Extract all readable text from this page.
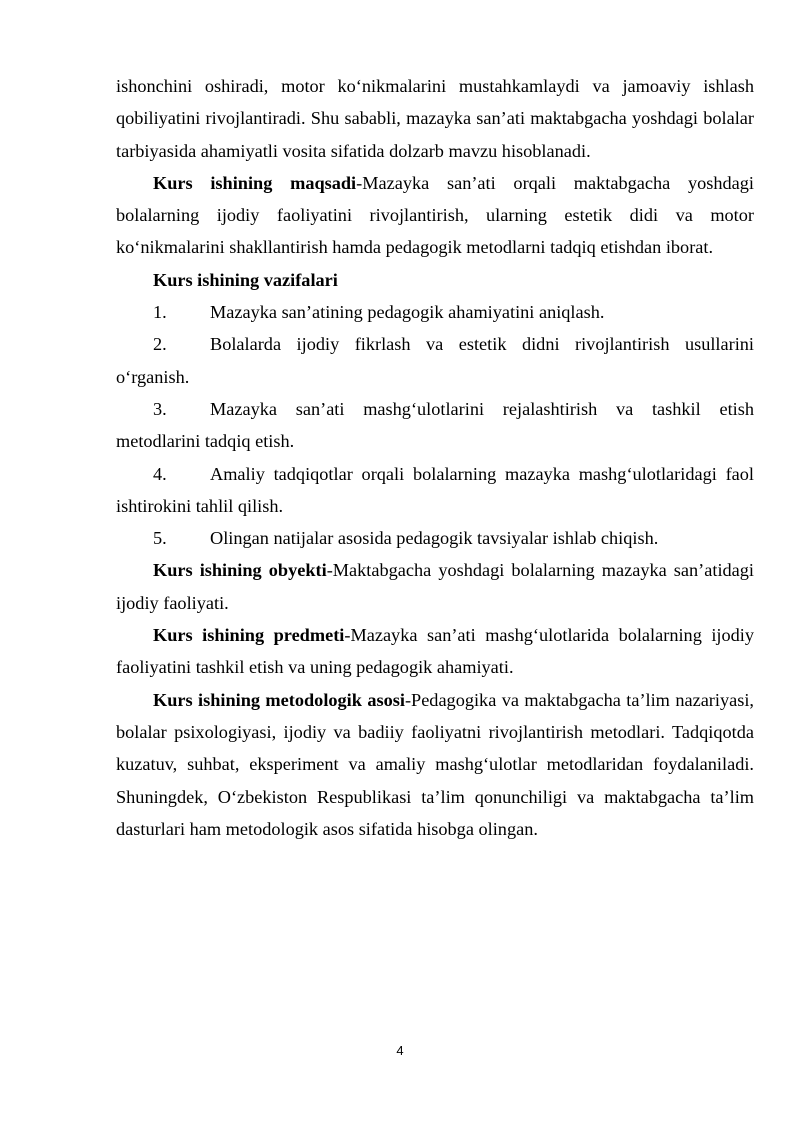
ishonchini oshiradi, motor ko‘nikmalarini mustahkamlaydi va jamoaviy ishlash qobiliyatini rivojlantiradi. Shu sababli, mazayka san’ati maktabgacha yoshdagi bolalar tarbiyasida ahamiyatli vosita sifatida dolzarb mavzu hisoblanadi.

Kurs ishining maqsadi-Mazayka san’ati orqali maktabgacha yoshdagi bolalarning ijodiy faoliyatini rivojlantirish, ularning estetik didi va motor ko‘nikmalarini shakllantirish hamda pedagogik metodlarni tadqiq etishdan iborat.

Kurs ishining vazifalari

1. Mazayka san’atining pedagogik ahamiyatini aniqlash.

2. Bolalarda ijodiy fikrlash va estetik didni rivojlantirish usullarini o‘rganish.

3. Mazayka san’ati mashg‘ulotlarini rejalashtirish va tashkil etish metodlarini tadqiq etish.

4. Amaliy tadqiqotlar orqali bolalarning mazayka mashg‘ulotlaridagi faol ishtirokini tahlil qilish.

5. Olingan natijalar asosida pedagogik tavsiyalar ishlab chiqish.

Kurs ishining obyekti-Maktabgacha yoshdagi bolalarning mazayka san’atidagi ijodiy faoliyati.

Kurs ishining predmeti-Mazayka san’ati mashg‘ulotlarida bolalarning ijodiy faoliyatini tashkil etish va uning pedagogik ahamiyati.

Kurs ishining metodologik asosi-Pedagogika va maktabgacha ta’lim nazariyasi, bolalar psixologiyasi, ijodiy va badiiy faoliyatni rivojlantirish metodlari. Tadqiqotda kuzatuv, suhbat, eksperiment va amaliy mashg‘ulotlar metodlaridan foydalaniladi. Shuningdek, O‘zbekiston Respublikasi ta’lim qonunchiligi va maktabgacha ta’lim dasturlari ham metodologik asos sifatida hisobga olingan.

4
